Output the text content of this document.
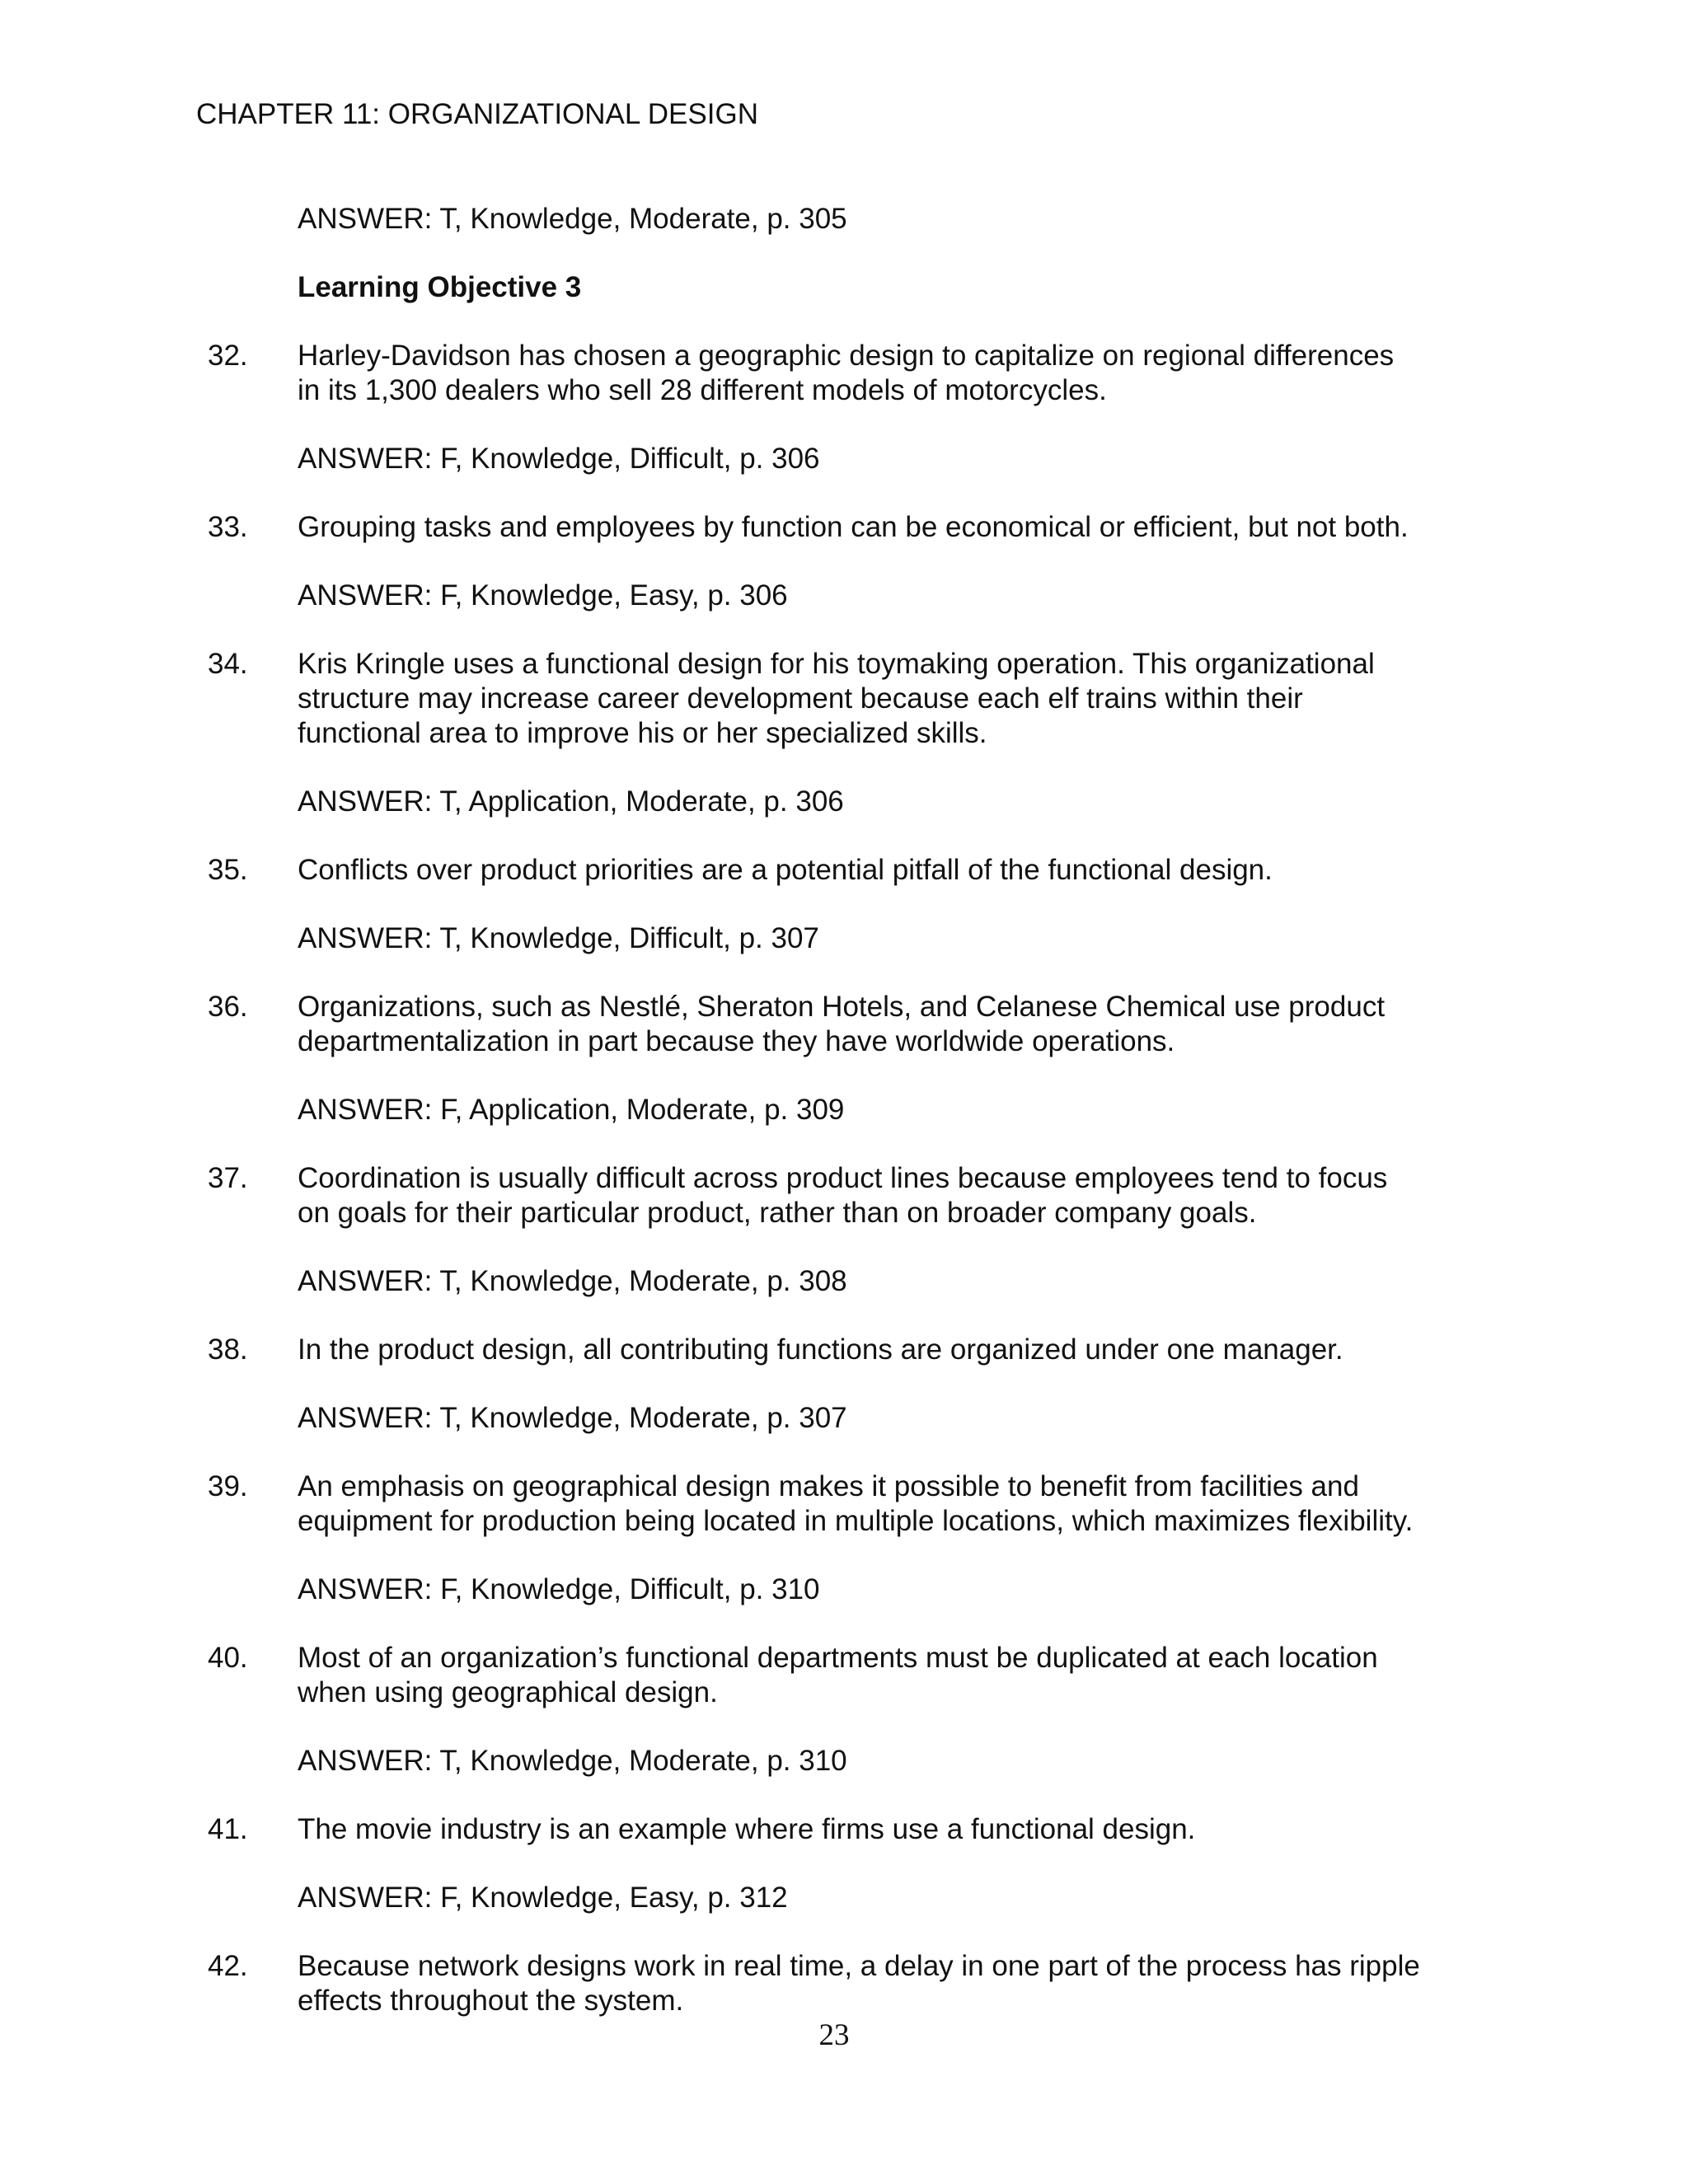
CHAPTER 11: ORGANIZATIONAL DESIGN
ANSWER: T, Knowledge, Moderate, p. 305
Learning Objective 3
32. Harley-Davidson has chosen a geographic design to capitalize on regional differences
in its 1,300 dealers who sell 28 different models of motorcycles.
ANSWER: F, Knowledge, Difficult, p. 306
33. Grouping tasks and employees by function can be economical or efficient, but not both.
ANSWER: F, Knowledge, Easy, p. 306
34. Kris Kringle uses a functional design for his toymaking operation. This organizational
structure may increase career development because each elf trains within their
functional area to improve his or her specialized skills.
ANSWER: T, Application, Moderate, p. 306
35. Conflicts over product priorities are a potential pitfall of the functional design.
ANSWER: T, Knowledge, Difficult, p. 307
36. Organizations, such as Nestlé, Sheraton Hotels, and Celanese Chemical use product
departmentalization in part because they have worldwide operations.
ANSWER: F, Application, Moderate, p. 309
37. Coordination is usually difficult across product lines because employees tend to focus
on goals for their particular product, rather than on broader company goals.
ANSWER: T, Knowledge, Moderate, p. 308
38. In the product design, all contributing functions are organized under one manager.
ANSWER: T, Knowledge, Moderate, p. 307
39. An emphasis on geographical design makes it possible to benefit from facilities and
equipment for production being located in multiple locations, which maximizes flexibility.
ANSWER: F, Knowledge, Difficult, p. 310
40. Most of an organization’s functional departments must be duplicated at each location
when using geographical design.
ANSWER: T, Knowledge, Moderate, p. 310
41. The movie industry is an example where firms use a functional design.
ANSWER: F, Knowledge, Easy, p. 312
42. Because network designs work in real time, a delay in one part of the process has ripple
effects throughout the system.
23
